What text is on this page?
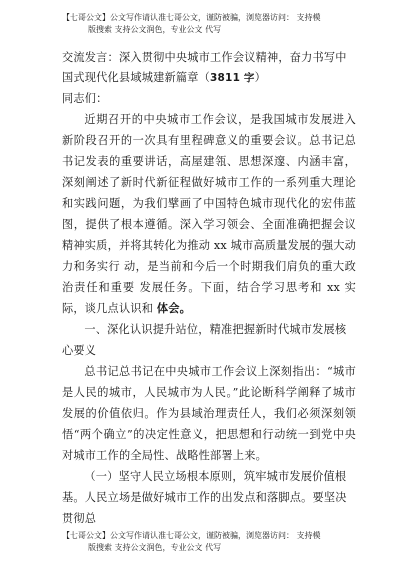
【七哥公文】公文写作请认准七哥公文，谨防被骗，浏览器访问： 支持模
版搜索 支持公文润色，专业公文 代写
交流发言：深入贯彻中央城市工作会议精神，奋力书写中国式现代化县域城建新篇章（3811 字）
同志们：

近期召开的中央城市工作会议，是我国城市发展进入新阶段召开的一次具有里程碑意义的重要会议。总书记总书记发表的重要讲话，高屋建瓴、思想深邃、内涵丰富，深刻阐述了新时代新征程做好城市工作的一系列重大理论和实践问题，为我们擘画了中国特色城市现代化的宏伟蓝图，提供了根本遵循。深入学习领会、全面准确把握会议精神实质，并将其转化为推动 xx 城市高质量发展的强大动力和务实行 动，是当前和今后一个时期我们肩负的重大政治责任和重要 发展任务。下面，结合学习思考和 xx 实际，谈几点认识和 体会。

一、深化认识提升站位，精准把握新时代城市发展核心要义

总书记总书记在中央城市工作会议上深刻指出：“城市是人民的城市，人民城市为人民。”此论断科学阐释了城市发展的价值依归。作为县域治理责任人，我们必须深刻领悟“两个确立”的决定性意义，把思想和行动统一到党中央对城市工作的全局性、战略性部署上来。

（一）坚守人民立场根本原则，筑牢城市发展价值根基。人民立场是做好城市工作的出发点和落脚点。要坚决贯彻总

【七哥公文】公文写作请认准七哥公文，谨防被骗，浏览器访问： 支持模
版搜索 支持公文润色，专业公文 代写
